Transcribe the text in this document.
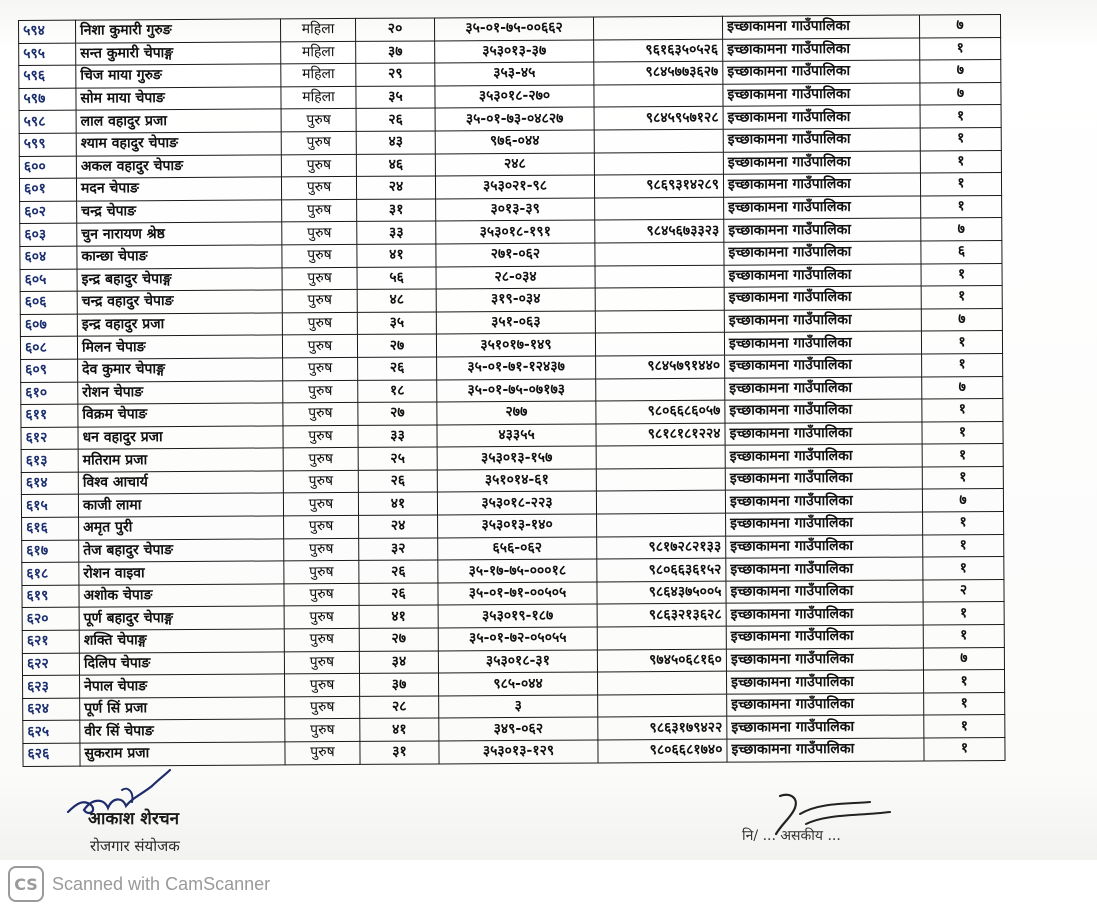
५९४	निशा कुमारी गुरुङ	महिला	२०	३५-०१-७५-००६६२		इच्छाकामना गाउँपालिका	७
५९५	सन्त कुमारी चेपाङ्ग	महिला	३७	३५३०१३-३७	९६१६३५०५२६	इच्छाकामना गाउँपालिका	१
५९६	चिज माया गुरुङ	महिला	२९	३५३-४५	९८४५७७३६२७	इच्छाकामना गाउँपालिका	७
५९७	सोम माया चेपाङ	महिला	३५	३५३०१८-२७०		इच्छाकामना गाउँपालिका	७
५९८	लाल वहादुर प्रजा	पुरुष	२६	३५-०१-७३-०४८२७	९८४५९५७१२८	इच्छाकामना गाउँपालिका	१
५९९	श्याम वहादुर चेपाङ	पुरुष	४३	९७६-०४४		इच्छाकामना गाउँपालिका	१
६००	अकल वहादुर चेपाङ	पुरुष	४६	२४८		इच्छाकामना गाउँपालिका	१
६०१	मदन चेपाङ	पुरुष	२४	३५३०२१-९८	९८६९३१४२८९	इच्छाकामना गाउँपालिका	१
६०२	चन्द्र चेपाङ	पुरुष	३१	३०१३-३९		इच्छाकामना गाउँपालिका	१
६०३	चुन नारायण श्रेष्ठ	पुरुष	३३	३५३०१८-१९१	९८४५६७३३२३	इच्छाकामना गाउँपालिका	७
६०४	कान्छा चेपाङ	पुरुष	४१	२७१-०६२		इच्छाकामना गाउँपालिका	६
६०५	इन्द्र बहादुर चेपाङ्ग	पुरुष	५६	२८-०३४		इच्छाकामना गाउँपालिका	१
६०६	चन्द्र वहादुर चेपाङ	पुरुष	४८	३१९-०३४		इच्छाकामना गाउँपालिका	१
६०७	इन्द्र वहादुर प्रजा	पुरुष	३५	३५१-०६३		इच्छाकामना गाउँपालिका	७
६०८	मिलन चेपाङ	पुरुष	२७	३५१०१७-१४९		इच्छाकामना गाउँपालिका	१
६०९	देव कुमार चेपाङ्ग	पुरुष	२६	३५-०१-७१-१२४३७	९८४५७९१४४०	इच्छाकामना गाउँपालिका	१
६१०	रोशन चेपाङ	पुरुष	१८	३५-०१-७५-०७१७३		इच्छाकामना गाउँपालिका	७
६११	विक्रम चेपाङ	पुरुष	२७	२७७	९८०६६८६०५७	इच्छाकामना गाउँपालिका	१
६१२	धन वहादुर प्रजा	पुरुष	३३	४३३५५	९८१८१८१२२४	इच्छाकामना गाउँपालिका	१
६१३	मतिराम प्रजा	पुरुष	२५	३५३०१३-१५७		इच्छाकामना गाउँपालिका	१
६१४	विश्व आचार्य	पुरुष	२६	३५१०१४-६१		इच्छाकामना गाउँपालिका	१
६१५	काजी लामा	पुरुष	४१	३५३०१८-२२३		इच्छाकामना गाउँपालिका	७
६१६	अमृत पुरी	पुरुष	२४	३५३०१३-१४०		इच्छाकामना गाउँपालिका	१
६१७	तेज बहादुर चेपाङ	पुरुष	३२	६५६-०६२	९८१७२८२१३३	इच्छाकामना गाउँपालिका	१
६१८	रोशन वाइवा	पुरुष	२६	३५-१७-७५-०००१८	९८०६६३६१५२	इच्छाकामना गाउँपालिका	१
६१९	अशोक चेपाङ	पुरुष	२६	३५-०१-७१-००५०५	९८६४३७५००५	इच्छाकामना गाउँपालिका	२
६२०	पूर्ण बहादुर चेपाङ्ग	पुरुष	४१	३५३०१९-१८७	९८६३२१३६२८	इच्छाकामना गाउँपालिका	१
६२१	शक्ति चेपाङ्ग	पुरुष	२७	३५-०१-७२-०५०५५		इच्छाकामना गाउँपालिका	१
६२२	दिलिप चेपाङ	पुरुष	३४	३५३०१८-३१	९७४५०६८१६०	इच्छाकामना गाउँपालिका	७
६२३	नेपाल चेपाङ	पुरुष	३७	९८५-०४४		इच्छाकामना गाउँपालिका	१
६२४	पूर्ण सिं प्रजा	पुरुष	२८	३		इच्छाकामना गाउँपालिका	१
६२५	वीर सिं चेपाङ	पुरुष	४१	३४९-०६२	९८६३१७९४२२	इच्छाकामना गाउँपालिका	१
६२६	सुकराम प्रजा	पुरुष	३१	३५३०१३-१२९	९८०६६८१७४०	इच्छाकामना गाउँपालिका	१
आकाश शेरचन
रोजगार संयोजक
नि/ ... असकीय ...
CS Scanned with CamScanner
